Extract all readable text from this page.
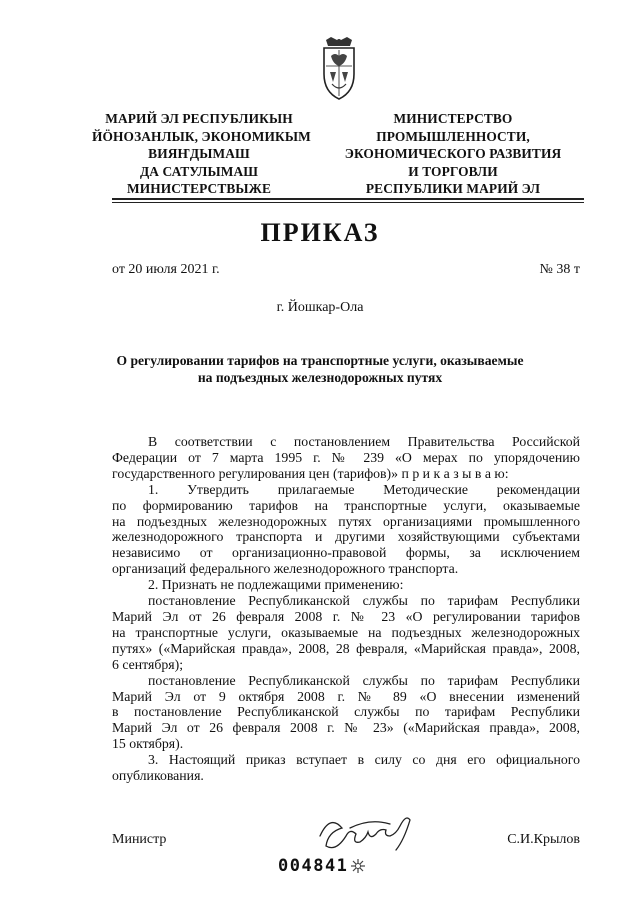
МАРИЙ ЭЛ РЕСПУБЛИКЫН
ЙӦНОЗАНЛЫК, ЭКОНОМИКЫМ
ВИЯҤДЫМАШ
ДА САТУЛЫМАШ
МИНИСТЕРСТВЫЖЕ
МИНИСТЕРСТВО
ПРОМЫШЛЕННОСТИ,
ЭКОНОМИЧЕСКОГО РАЗВИТИЯ
И ТОРГОВЛИ
РЕСПУБЛИКИ МАРИЙ ЭЛ
ПРИКАЗ
от 20 июля 2021 г.	№ 38 т
г. Йошкар-Ола
О регулировании тарифов на транспортные услуги, оказываемые
на подъездных железнодорожных путях
В соответствии с постановлением Правительства Российской
Федерации от 7 марта 1995 г. № 239 «О мерах по упорядочению
государственного регулирования цен (тарифов)» п р и к а з ы в а ю:
1. Утвердить прилагаемые Методические рекомендации
по формированию тарифов на транспортные услуги, оказываемые
на подъездных железнодорожных путях организациями промышленного
железнодорожного транспорта и другими хозяйствующими субъектами
независимо от организационно-правовой формы, за исключением
организаций федерального железнодорожного транспорта.
2. Признать не подлежащими применению:
постановление Республиканской службы по тарифам Республики
Марий Эл от 26 февраля 2008 г. № 23 «О регулировании тарифов
на транспортные услуги, оказываемые на подъездных железнодорожных
путях» («Марийская правда», 2008, 28 февраля, «Марийская правда», 2008,
6 сентября);
постановление Республиканской службы по тарифам Республики
Марий Эл от 9 октября 2008 г. № 89 «О внесении изменений
в постановление Республиканской службы по тарифам Республики
Марий Эл от 26 февраля 2008 г. № 23» («Марийская правда», 2008,
15 октября).
3. Настоящий приказ вступает в силу со дня его официального
опубликования.
Министр	С.И.Крылов
004841
